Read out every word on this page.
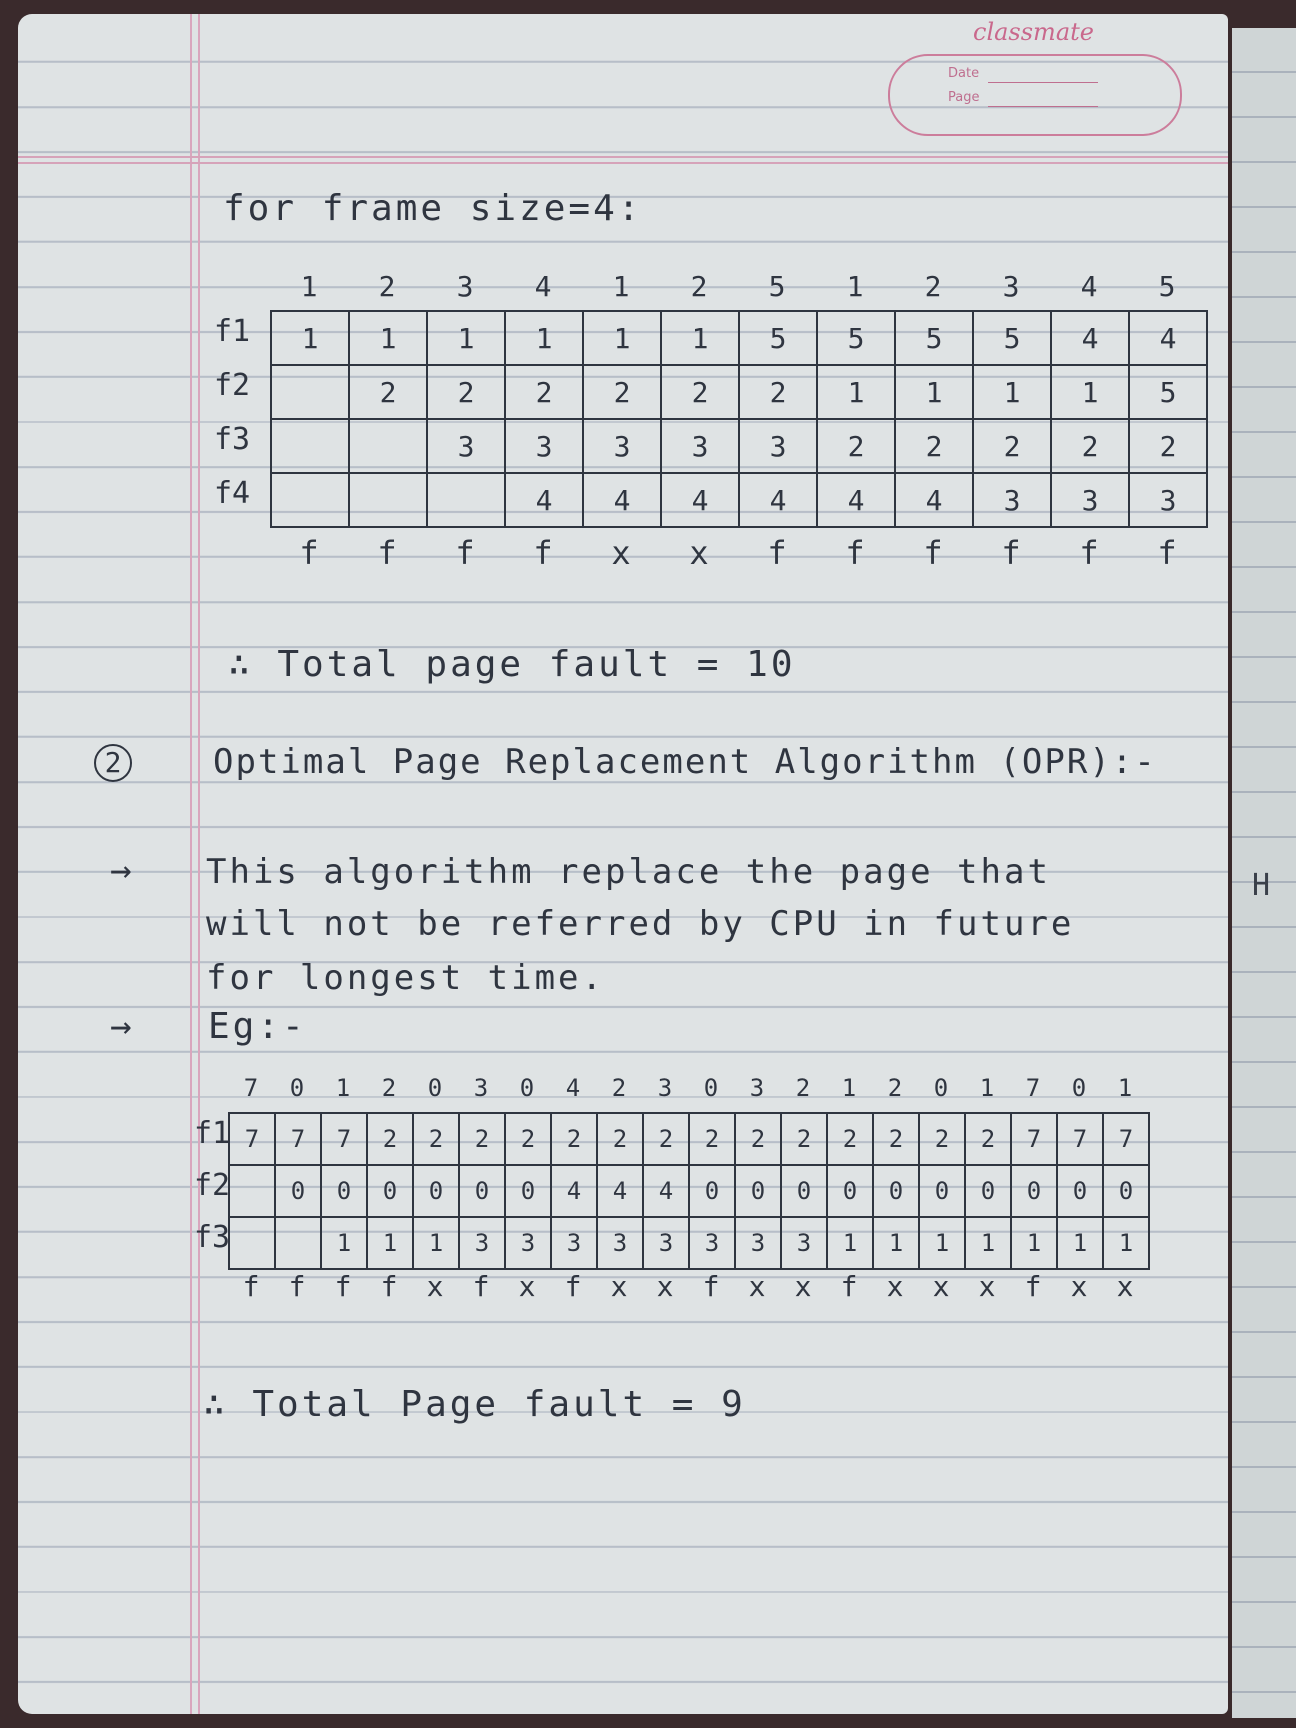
H
classmate
Date
Page
for frame size=4:
1	2	3	4	1	2	5	1	2	3	4	5
f1
f2
f3
f4
1	1	1	1	1	1	5	5	5	5	4	4
	2	2	2	2	2	2	1	1	1	1	5
		3	3	3	3	3	2	2	2	2	2
			4	4	4	4	4	4	3	3	3
f	f	f	f	x	x	f	f	f	f	f	f
∴ Total page fault = 10
2	Optimal Page Replacement Algorithm (OPR):-
→ This algorithm replace the page that
will not be referred by CPU in future
for longest time.
→ Eg:-
7	0	1	2	0	3	0	4	2	3	0	3	2	1	2	0	1	7	0	1
f1
f2
f3
7	7	7	2	2	2	2	2	2	2	2	2	2	2	2	2	2	7	7	7
	0	0	0	0	0	0	4	4	4	0	0	0	0	0	0	0	0	0	0
		1	1	1	3	3	3	3	3	3	3	3	1	1	1	1	1	1	1
f	f	f	f	x	f	x	f	x	x	f	x	x	f	x	x	x	f	x	x
∴ Total Page fault = 9
